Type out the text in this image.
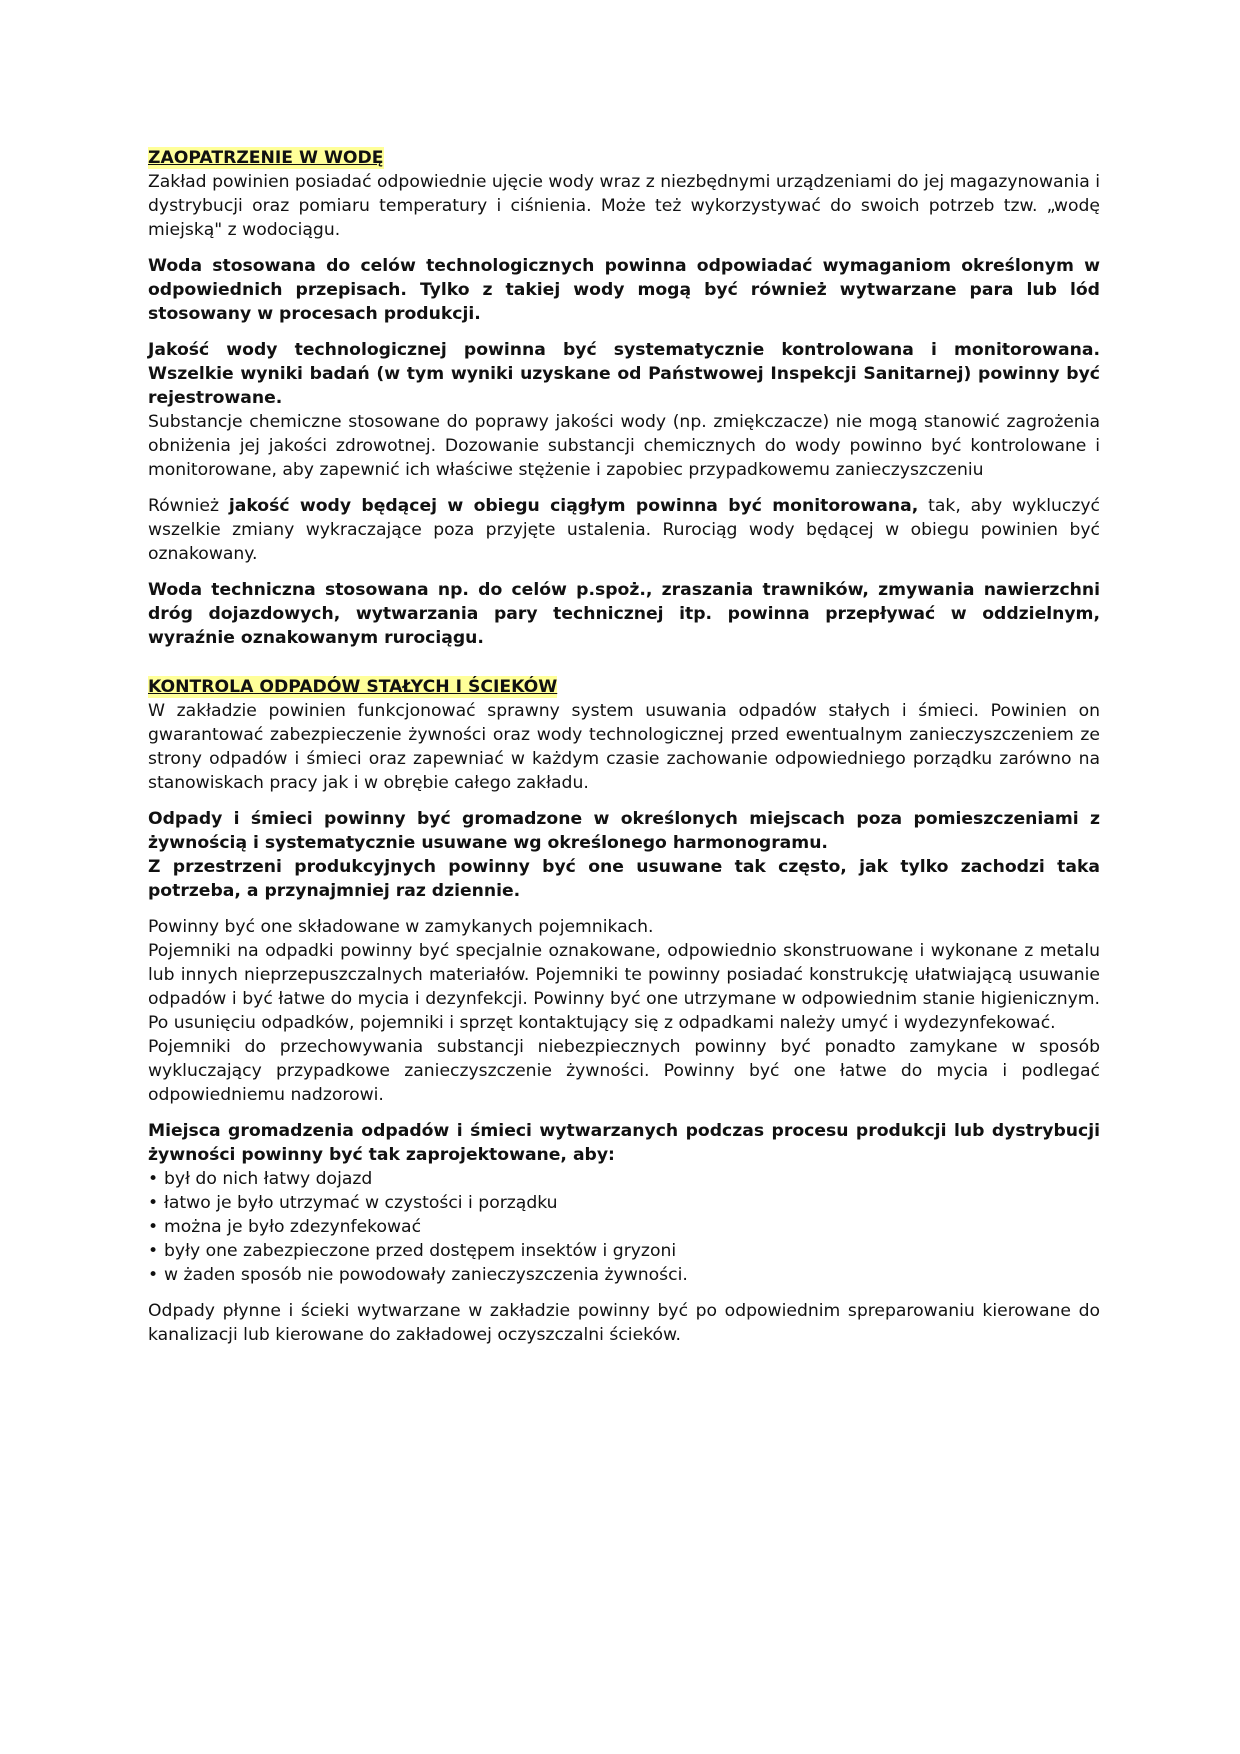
ZAOPATRZENIE W WODĘ

Zakład powinien posiadać odpowiednie ujęcie wody wraz z niezbędnymi urządzeniami do jej magazynowania i dystrybucji oraz pomiaru temperatury i ciśnienia. Może też wykorzystywać do swoich potrzeb tzw. „wodę miejską" z wodociągu.

Woda stosowana do celów technologicznych powinna odpowiadać wymaganiom określonym w odpowiednich przepisach. Tylko z takiej wody mogą być również wytwarzane para lub lód stosowany w procesach produkcji.

Jakość wody technologicznej powinna być systematycznie kontrolowana i monitorowana. Wszelkie wyniki badań (w tym wyniki uzyskane od Państwowej Inspekcji Sanitarnej) powinny być rejestrowane.

Substancje chemiczne stosowane do poprawy jakości wody (np. zmiękczacze) nie mogą stanowić zagrożenia obniżenia jej jakości zdrowotnej. Dozowanie substancji chemicznych do wody powinno być kontrolowane i monitorowane, aby zapewnić ich właściwe stężenie i zapobiec przypadkowemu zanieczyszczeniu

Również jakość wody będącej w obiegu ciągłym powinna być monitorowana, tak, aby wykluczyć wszelkie zmiany wykraczające poza przyjęte ustalenia. Rurociąg wody będącej w obiegu powinien być oznakowany.

Woda techniczna stosowana np. do celów p.spoż., zraszania trawników, zmywania nawierzchni dróg dojazdowych, wytwarzania pary technicznej itp. powinna przepływać w oddzielnym, wyraźnie oznakowanym rurociągu.

KONTROLA ODPADÓW STAŁYCH I ŚCIEKÓW

W zakładzie powinien funkcjonować sprawny system usuwania odpadów stałych i śmieci. Powinien on gwarantować zabezpieczenie żywności oraz wody technologicznej przed ewentualnym zanieczyszczeniem ze strony odpadów i śmieci oraz zapewniać w każdym czasie zachowanie odpowiedniego porządku zarówno na stanowiskach pracy jak i w obrębie całego zakładu.

Odpady i śmieci powinny być gromadzone w określonych miejscach poza pomieszczeniami z żywnością i systematycznie usuwane wg określonego harmonogramu.

Z przestrzeni produkcyjnych powinny być one usuwane tak często, jak tylko zachodzi taka potrzeba, a przynajmniej raz dziennie.

Powinny być one składowane w zamykanych pojemnikach.

Pojemniki na odpadki powinny być specjalnie oznakowane, odpowiednio skonstruowane i wykonane z metalu lub innych nieprzepuszczalnych materiałów. Pojemniki te powinny posiadać konstrukcję ułatwiającą usuwanie odpadów i być łatwe do mycia i dezynfekcji. Powinny być one utrzymane w odpowiednim stanie higienicznym. Po usunięciu odpadków, pojemniki i sprzęt kontaktujący się z odpadkami należy umyć i wydezynfekować.

Pojemniki do przechowywania substancji niebezpiecznych powinny być ponadto zamykane w sposób wykluczający przypadkowe zanieczyszczenie żywności. Powinny być one łatwe do mycia i podlegać odpowiedniemu nadzorowi.

Miejsca gromadzenia odpadów i śmieci wytwarzanych podczas procesu produkcji lub dystrybucji żywności powinny być tak zaprojektowane, aby:

• był do nich łatwy dojazd
• łatwo je było utrzymać w czystości i porządku
• można je było zdezynfekować
• były one zabezpieczone przed dostępem insektów i gryzoni
• w żaden sposób nie powodowały zanieczyszczenia żywności.

Odpady płynne i ścieki wytwarzane w zakładzie powinny być po odpowiednim spreparowaniu kierowane do kanalizacji lub kierowane do zakładowej oczyszczalni ścieków.
